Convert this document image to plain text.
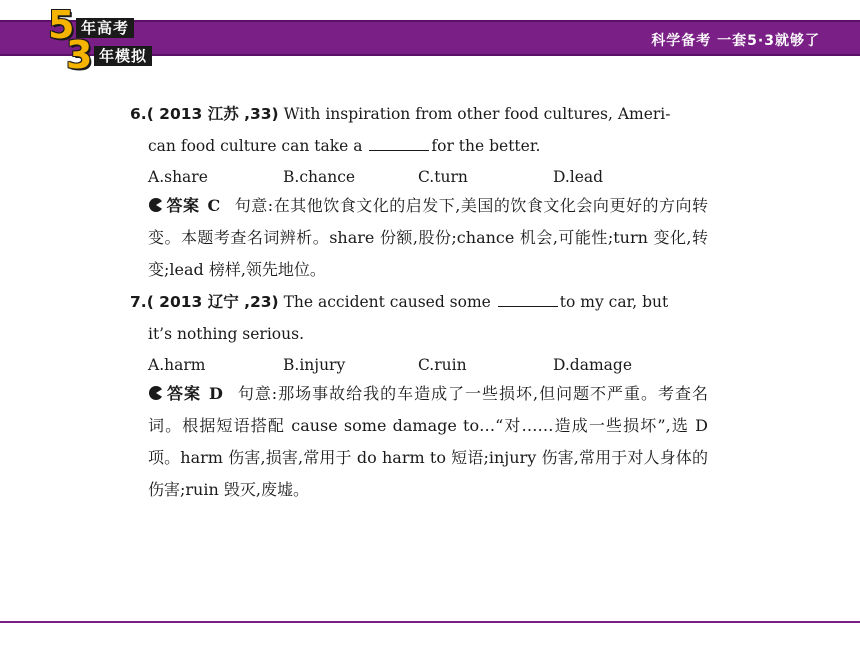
科学备考 一套5·3就够了
5 年高考
3 年模拟
6.( 2013 江苏 ,33) With inspiration from other food cultures, Ameri-
can food culture can take a	for the better.
A.share	B.chance	C.turn	D.lead
答案 C 句意:在其他饮食文化的启发下,美国的饮食文化会向更好的方向转变。本题考查名词辨析。share 份额,股份;chance 机会,可能性;turn 变化,转变;lead 榜样,领先地位。
7.( 2013 辽宁 ,23) The accident caused some	to my car, but
it’s nothing serious.
A.harm	B.injury	C.ruin	D.damage
答案 D 句意:那场事故给我的车造成了一些损坏,但问题不严重。考查名词。根据短语搭配 cause some damage to…“对……造成一些损坏”,选 D 项。harm 伤害,损害,常用于 do harm to 短语;injury 伤害,常用于对人身体的伤害;ruin 毁灭,废墟。
